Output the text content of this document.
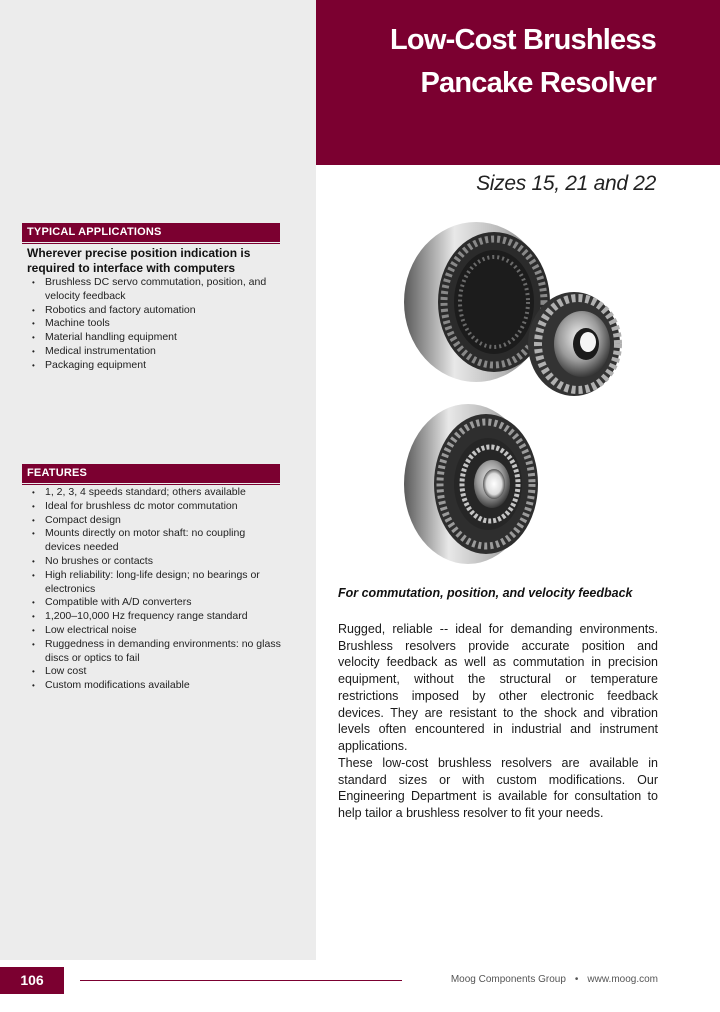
Low-Cost Brushless
Pancake Resolver
Sizes 15, 21 and 22
TYPICAL APPLICATIONS
Wherever precise position indication is required to interface with computers
• Brushless DC servo commutation, position, and velocity feedback
• Robotics and factory automation
• Machine tools
• Material handling equipment
• Medical instrumentation
• Packaging equipment
FEATURES
• 1, 2, 3, 4 speeds standard; others available
• Ideal for brushless dc motor commutation
• Compact design
• Mounts directly on motor shaft: no coupling devices needed
• No brushes or contacts
• High reliability: long-life design; no bearings or electronics
• Compatible with A/D converters
• 1,200–10,000 Hz frequency range standard
• Low electrical noise
• Ruggedness in demanding environments: no glass discs or optics to fail
• Low cost
• Custom modifications available
For commutation, position, and velocity feedback

Rugged, reliable -- ideal for demanding environments. Brushless resolvers provide accurate position and velocity feedback as well as commutation in precision equipment, without the structural or temperature restrictions imposed by other electronic feedback devices. They are resistant to the shock and vibration levels often encountered in industrial and instrument applications.

These low-cost brushless resolvers are available in standard sizes or with custom modifications. Our Engineering Department is available for consultation to help tailor a brushless resolver to fit your needs.

106	Moog Components Group • www.moog.com
